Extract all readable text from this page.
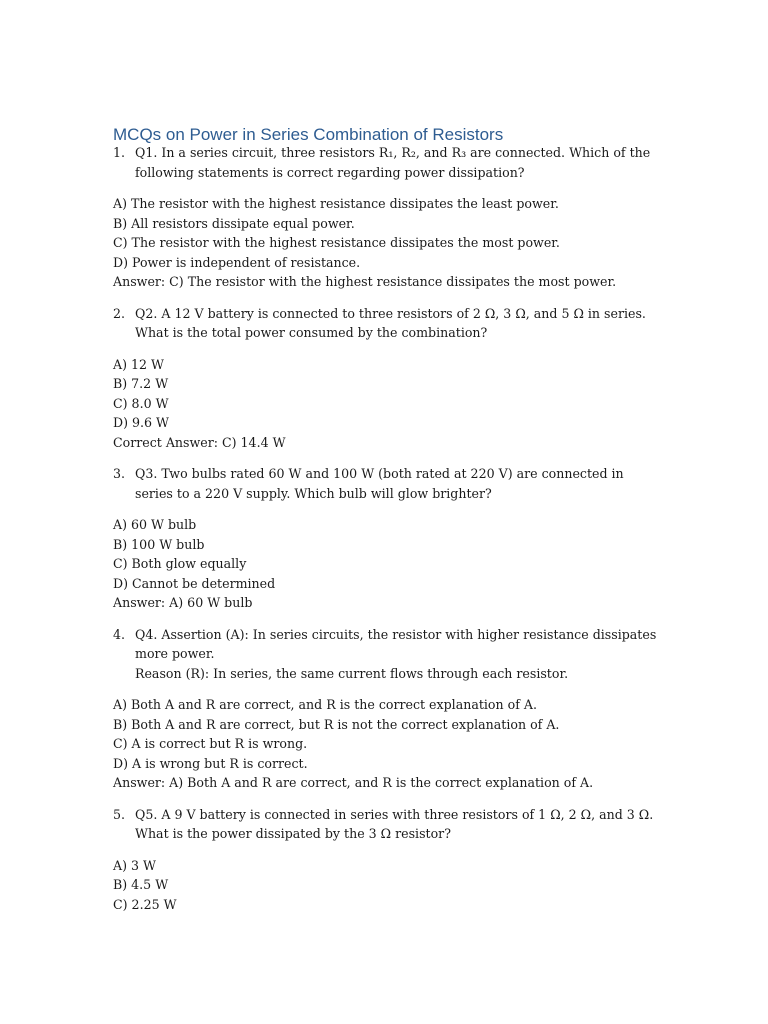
MCQs on Power in Series Combination of Resistors

1. Q1. In a series circuit, three resistors R₁, R₂, and R₃ are connected. Which of the following statements is correct regarding power dissipation?

A) The resistor with the highest resistance dissipates the least power.
B) All resistors dissipate equal power.
C) The resistor with the highest resistance dissipates the most power.
D) Power is independent of resistance.
Answer: C) The resistor with the highest resistance dissipates the most power.

2. Q2. A 12 V battery is connected to three resistors of 2 Ω, 3 Ω, and 5 Ω in series. What is the total power consumed by the combination?

A) 12 W
B) 7.2 W
C) 8.0 W
D) 9.6 W
Correct Answer: C) 14.4 W

3. Q3. Two bulbs rated 60 W and 100 W (both rated at 220 V) are connected in series to a 220 V supply. Which bulb will glow brighter?

A) 60 W bulb
B) 100 W bulb
C) Both glow equally
D) Cannot be determined
Answer: A) 60 W bulb

4. Q4. Assertion (A): In series circuits, the resistor with higher resistance dissipates more power.
Reason (R): In series, the same current flows through each resistor.

A) Both A and R are correct, and R is the correct explanation of A.
B) Both A and R are correct, but R is not the correct explanation of A.
C) A is correct but R is wrong.
D) A is wrong but R is correct.
Answer: A) Both A and R are correct, and R is the correct explanation of A.

5. Q5. A 9 V battery is connected in series with three resistors of 1 Ω, 2 Ω, and 3 Ω. What is the power dissipated by the 3 Ω resistor?

A) 3 W
B) 4.5 W
C) 2.25 W
